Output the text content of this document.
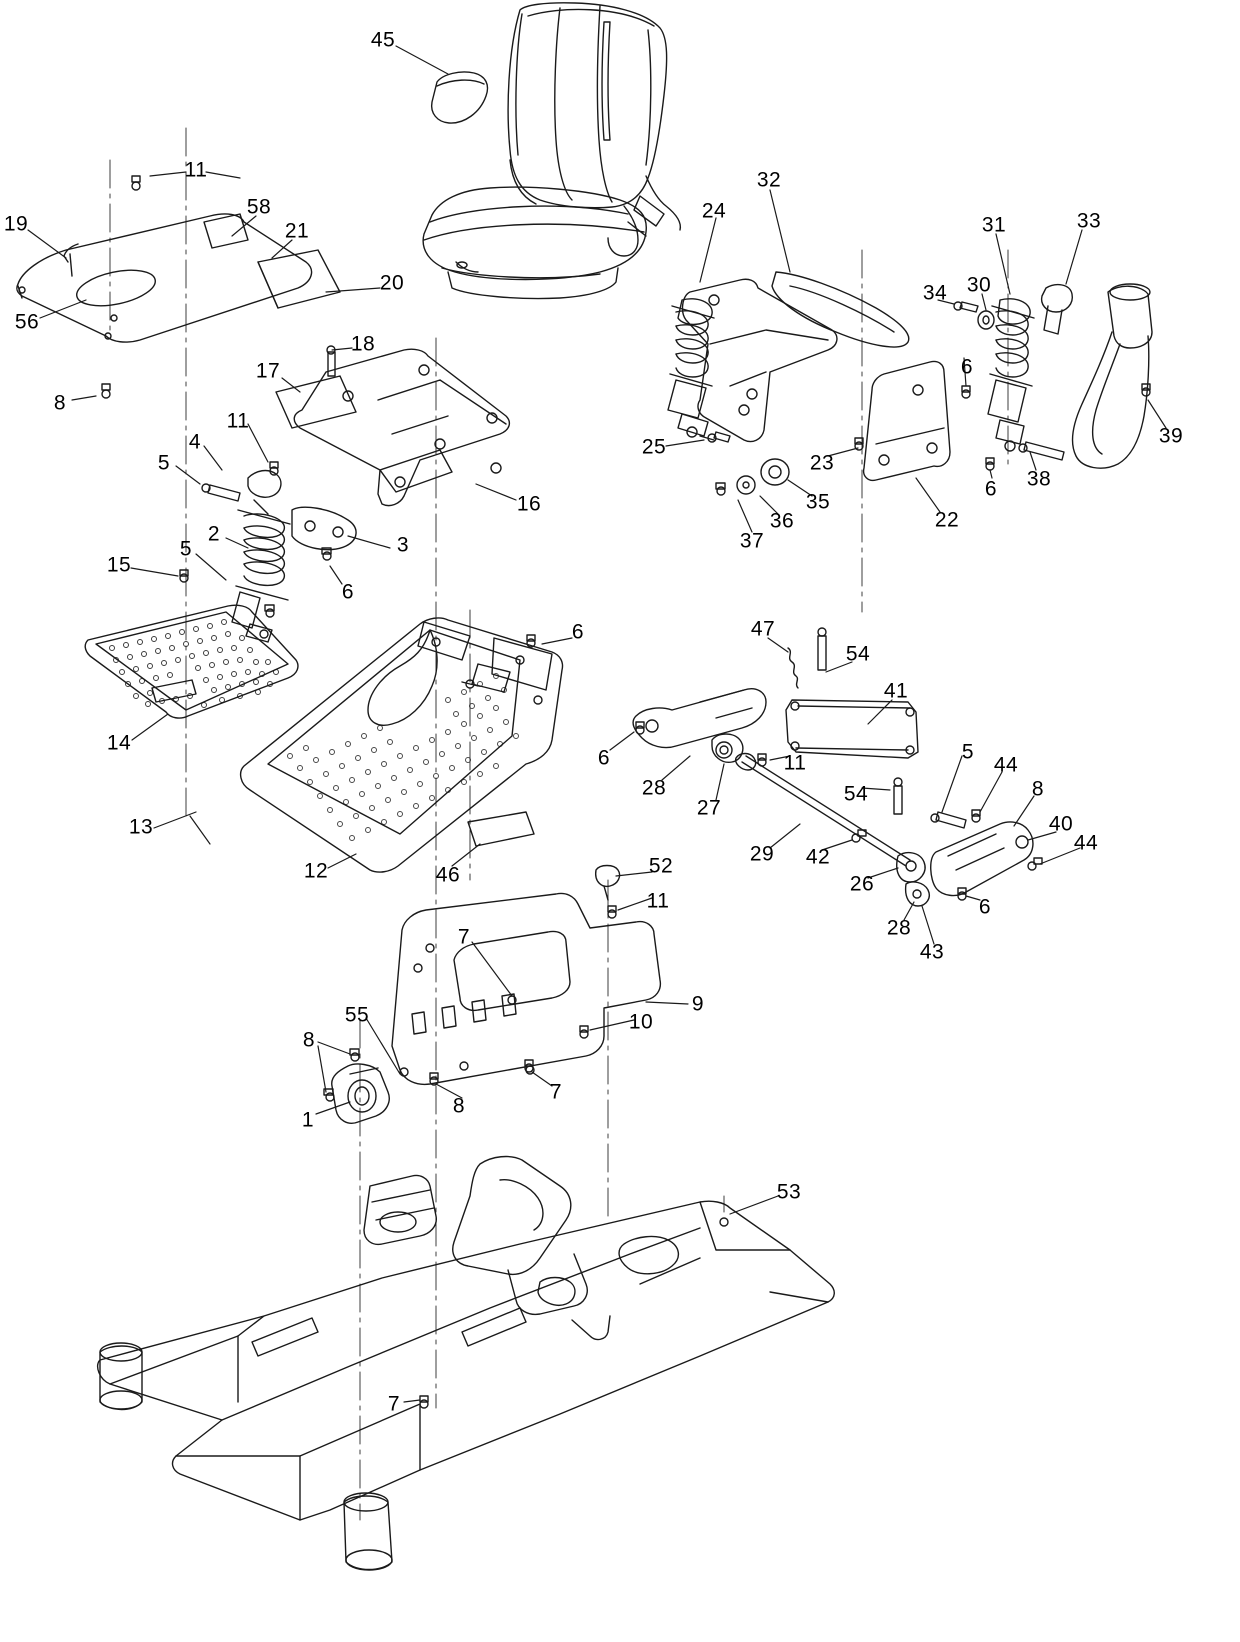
45
11
19
58
21
20
56
8
18
17
11
16
4
5
2	3
5
15
6
6
14
13
12	46
24
32
31	33
34 30
6
25
23
35
36
37
22
6 38
39
47
54
41
6
28
27
11
54
5
44
8
40
44
29 42
26
28
43
6
52
11
7
9
10
55
8
8
7
1
53
7
